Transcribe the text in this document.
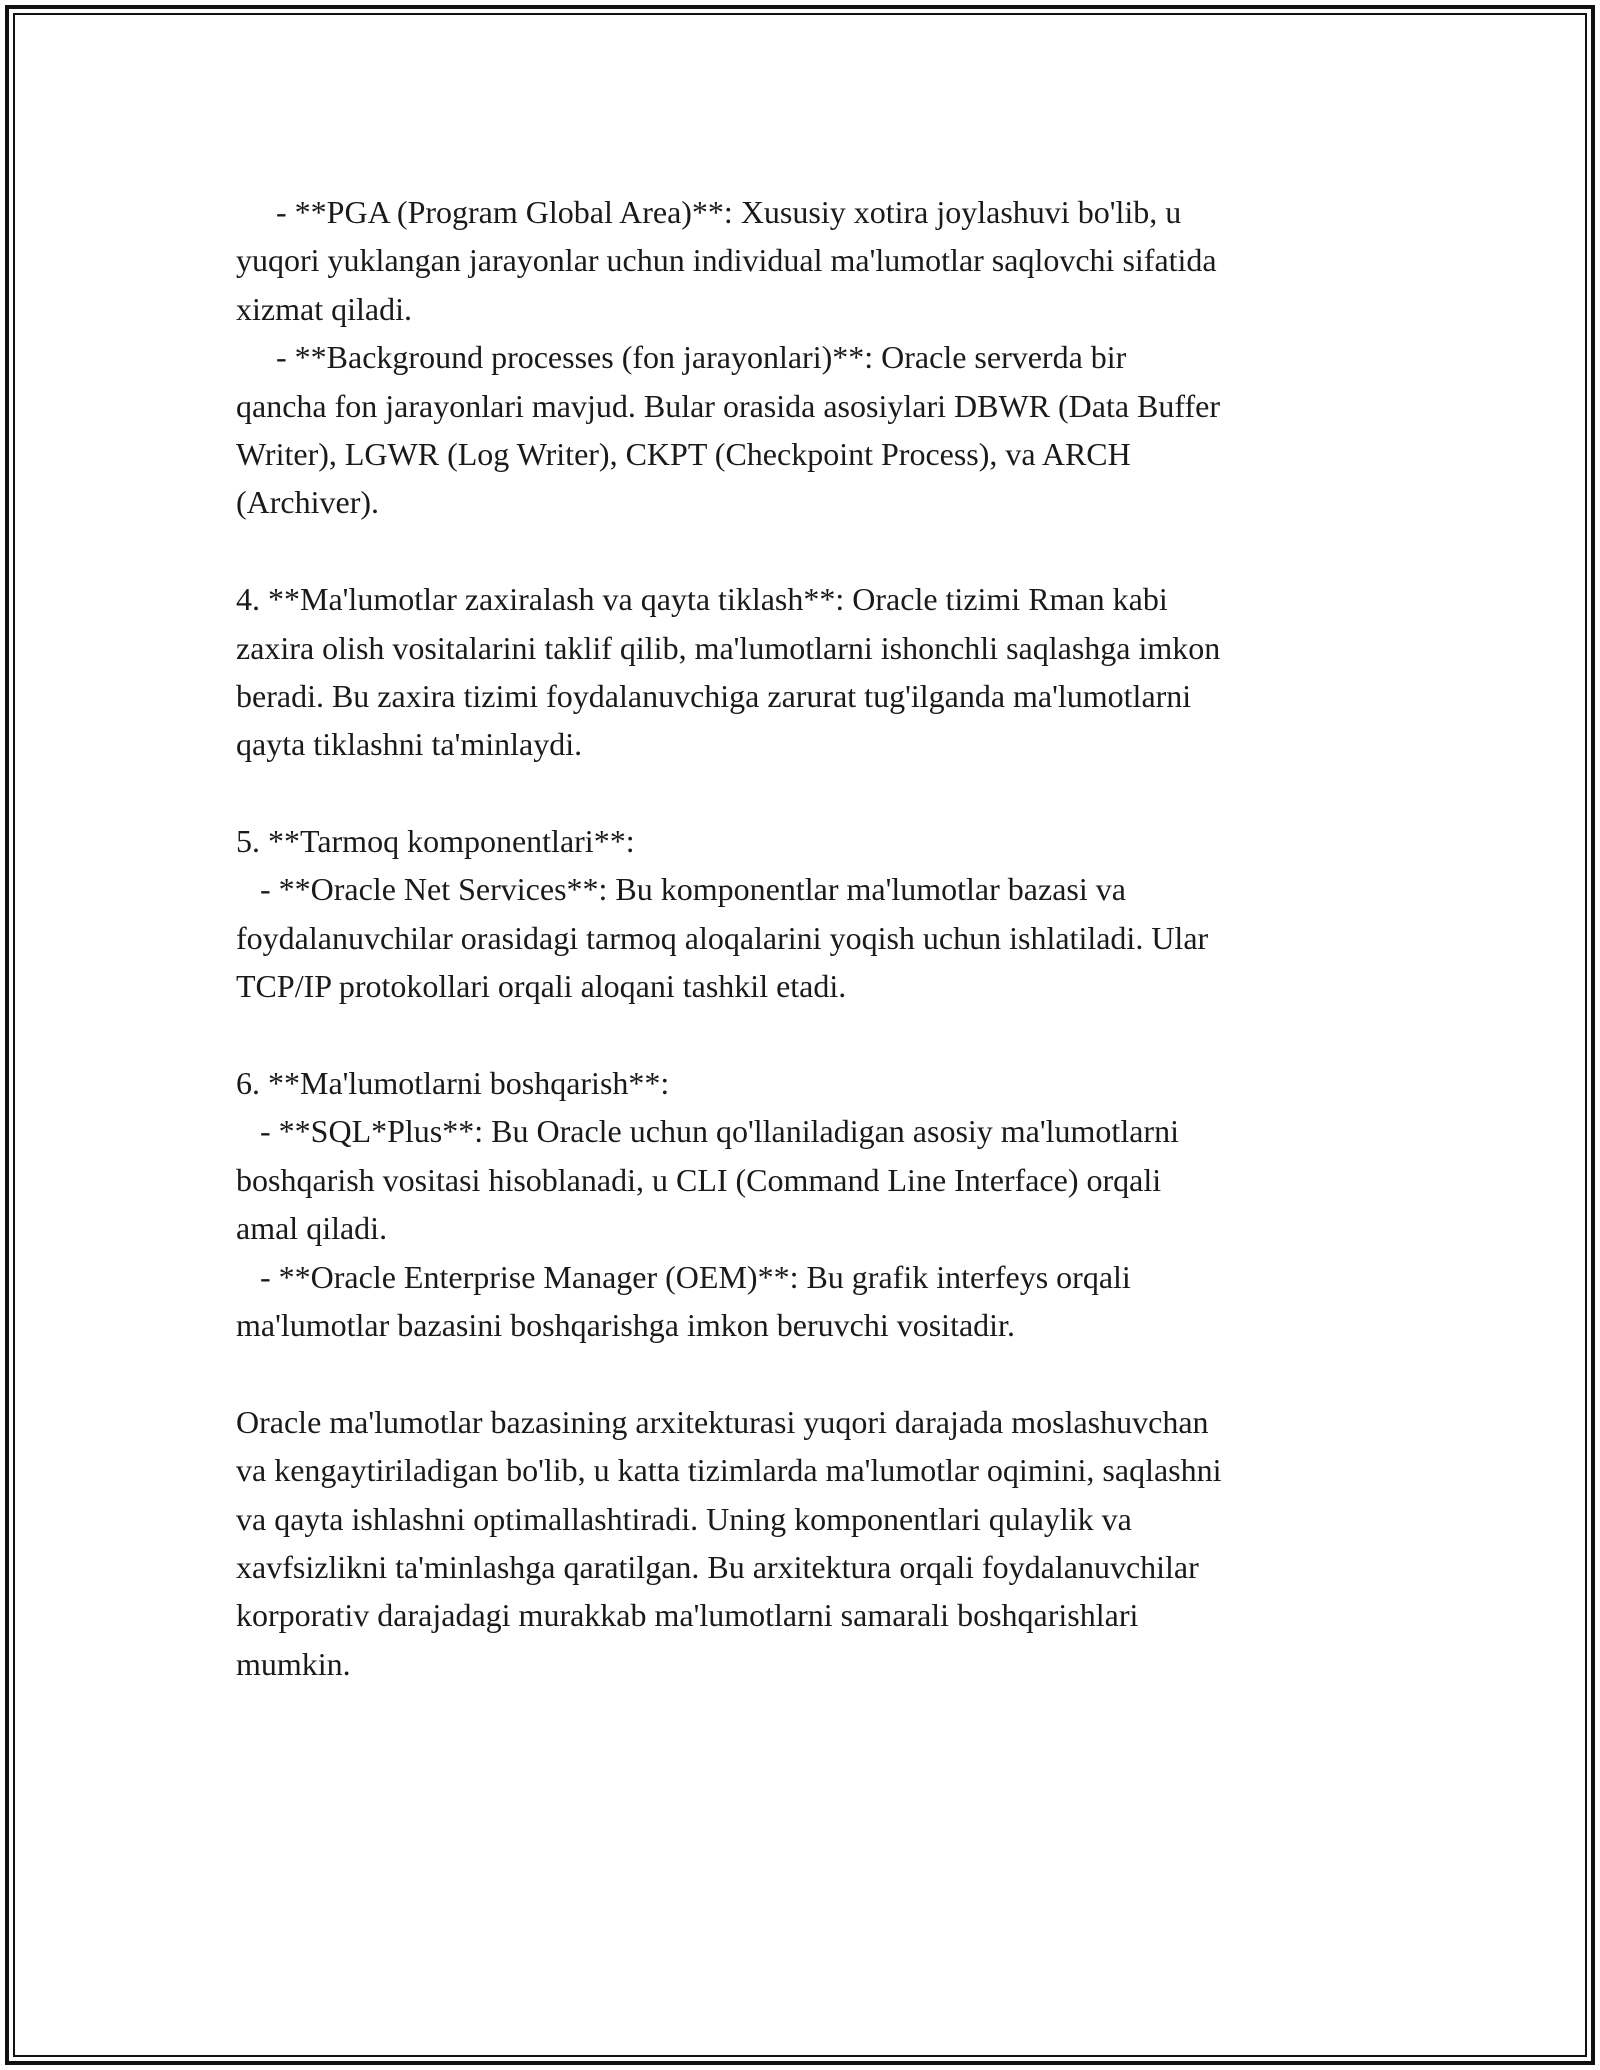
- **PGA (Program Global Area)**: Xususiy xotira joylashuvi bo'lib, u
yuqori yuklangan jarayonlar uchun individual ma'lumotlar saqlovchi sifatida
xizmat qiladi.
- **Background processes (fon jarayonlari)**: Oracle serverda bir
qancha fon jarayonlari mavjud. Bular orasida asosiylari DBWR (Data Buffer
Writer), LGWR (Log Writer), CKPT (Checkpoint Process), va ARCH
(Archiver).
4. **Ma'lumotlar zaxiralash va qayta tiklash**: Oracle tizimi Rman kabi
zaxira olish vositalarini taklif qilib, ma'lumotlarni ishonchli saqlashga imkon
beradi. Bu zaxira tizimi foydalanuvchiga zarurat tug'ilganda ma'lumotlarni
qayta tiklashni ta'minlaydi.
5. **Tarmoq komponentlari**:
- **Oracle Net Services**: Bu komponentlar ma'lumotlar bazasi va
foydalanuvchilar orasidagi tarmoq aloqalarini yoqish uchun ishlatiladi. Ular
TCP/IP protokollari orqali aloqani tashkil etadi.
6. **Ma'lumotlarni boshqarish**:
- **SQL*Plus**: Bu Oracle uchun qo'llaniladigan asosiy ma'lumotlarni
boshqarish vositasi hisoblanadi, u CLI (Command Line Interface) orqali
amal qiladi.
- **Oracle Enterprise Manager (OEM)**: Bu grafik interfeys orqali
ma'lumotlar bazasini boshqarishga imkon beruvchi vositadir.
Oracle ma'lumotlar bazasining arxitekturasi yuqori darajada moslashuvchan
va kengaytiriladigan bo'lib, u katta tizimlarda ma'lumotlar oqimini, saqlashni
va qayta ishlashni optimallashtiradi. Uning komponentlari qulaylik va
xavfsizlikni ta'minlashga qaratilgan. Bu arxitektura orqali foydalanuvchilar
korporativ darajadagi murakkab ma'lumotlarni samarali boshqarishlari
mumkin.
